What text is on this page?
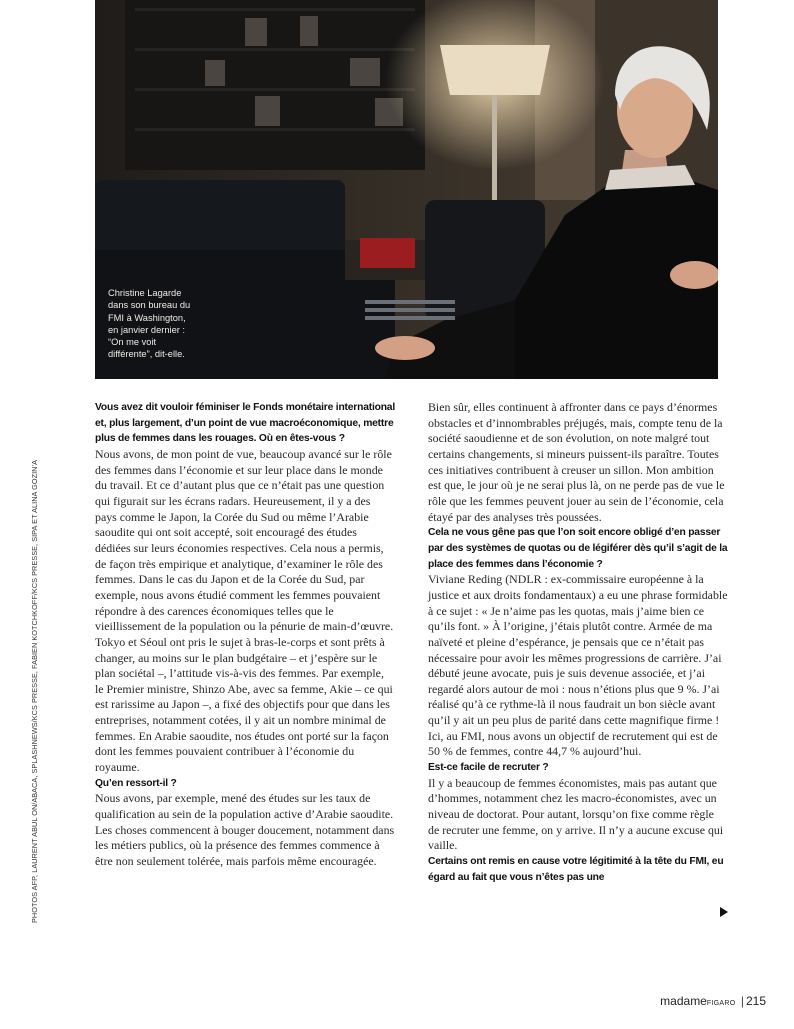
Christine Lagarde
dans son bureau du
FMI à Washington,
en janvier dernier :
“On me voit
différente”, dit-elle.

PHOTOS AFP, LAURENT ABUL ON/ABACA, SPLASHNEWS/KCS PRESSE, FABIEN KOTCHKOFF/KCS PRESSE, SIPA ET ALINA GOZIN’A

Vous avez dit vouloir féminiser le Fonds monétaire international et, plus largement, d’un point de vue macroéconomique, mettre plus de femmes dans les rouages. Où en êtes-vous ?

Nous avons, de mon point de vue, beaucoup avancé sur le rôle des femmes dans l’économie et sur leur place dans le monde du travail. Et ce d’autant plus que ce n’était pas une question qui figurait sur les écrans radars. Heureusement, il y a des pays comme le Japon, la Corée du Sud ou même l’Arabie saoudite qui ont soit accepté, soit encouragé des études dédiées sur leurs économies respectives. Cela nous a permis, de façon très empirique et analytique, d’examiner le rôle des femmes. Dans le cas du Japon et de la Corée du Sud, par exemple, nous avons étudié comment les femmes pouvaient répondre à des carences économiques telles que le vieillissement de la population ou la pénurie de main-d’œuvre. Tokyo et Séoul ont pris le sujet à bras-le-corps et sont prêts à changer, au moins sur le plan budgétaire – et j’espère sur le plan sociétal –, l’attitude vis-à-vis des femmes. Par exemple, le Premier ministre, Shinzo Abe, avec sa femme, Akie – ce qui est rarissime au Japon –, a fixé des objectifs pour que dans les entreprises, notamment cotées, il y ait un nombre minimal de femmes. En Arabie saoudite, nos études ont porté sur la façon dont les femmes pouvaient contribuer à l’économie du royaume.

Qu’en ressort-il ?

Nous avons, par exemple, mené des études sur les taux de qualification au sein de la population active d’Arabie saoudite. Les choses commencent à bouger doucement, notamment dans les métiers publics, où la présence des femmes commence à être non seulement tolérée, mais parfois même encouragée.

Bien sûr, elles continuent à affronter dans ce pays d’énormes obstacles et d’innombrables préjugés, mais, compte tenu de la société saoudienne et de son évolution, on note malgré tout certains changements, si mineurs puissent-ils paraître. Toutes ces initiatives contribuent à creuser un sillon. Mon ambition est que, le jour où je ne serai plus là, on ne perde pas de vue le rôle que les femmes peuvent jouer au sein de l’économie, cela étayé par des analyses très poussées.

Cela ne vous gêne pas que l’on soit encore obligé d’en passer par des systèmes de quotas ou de légiférer dès qu’il s’agit de la place des femmes dans l’économie ?

Viviane Reding (NDLR : ex-commissaire européenne à la justice et aux droits fondamentaux) a eu une phrase formidable à ce sujet : « Je n’aime pas les quotas, mais j’aime bien ce qu’ils font. » À l’origine, j’étais plutôt contre. Armée de ma naïveté et pleine d’espérance, je pensais que ce n’était pas nécessaire pour avoir les mêmes progressions de carrière. J’ai débuté jeune avocate, puis je suis devenue associée, et j’ai regardé alors autour de moi : nous n’étions plus que 9 %. J’ai réalisé qu’à ce rythme-là il nous faudrait un bon siècle avant qu’il y ait un peu plus de parité dans cette magnifique firme ! Ici, au FMI, nous avons un objectif de recrutement qui est de 50 % de femmes, contre 44,7 % aujourd’hui.

Est-ce facile de recruter ?

Il y a beaucoup de femmes économistes, mais pas autant que d’hommes, notamment chez les macro-économistes, avec un niveau de doctorat. Pour autant, lorsqu’on fixe comme règle de recruter une femme, on y arrive. Il n’y a aucune excuse qui vaille.

Certains ont remis en cause votre légitimité à la tête du FMI, eu égard au fait que vous n’êtes pas une

madameFIGARO | 215
